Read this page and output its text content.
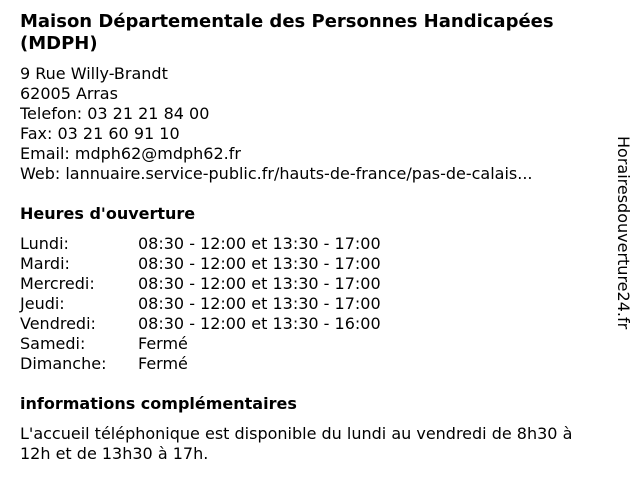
Maison Départementale des Personnes Handicapées (MDPH)
9 Rue Willy-Brandt
62005 Arras
Telefon: 03 21 21 84 00
Fax: 03 21 60 91 10
Email: mdph62@mdph62.fr
Web: lannuaire.service-public.fr/hauts-de-france/pas-de-calais...
Heures d'ouverture
Lundi:	08:30 - 12:00 et 13:30 - 17:00
Mardi:	08:30 - 12:00 et 13:30 - 17:00
Mercredi:	08:30 - 12:00 et 13:30 - 17:00
Jeudi:	08:30 - 12:00 et 13:30 - 17:00
Vendredi:	08:30 - 12:00 et 13:30 - 16:00
Samedi:	Fermé
Dimanche:	Fermé
informations complémentaires
L'accueil téléphonique est disponible du lundi au vendredi de 8h30 à 12h et de 13h30 à 17h.
Horairesdouverture24.fr
